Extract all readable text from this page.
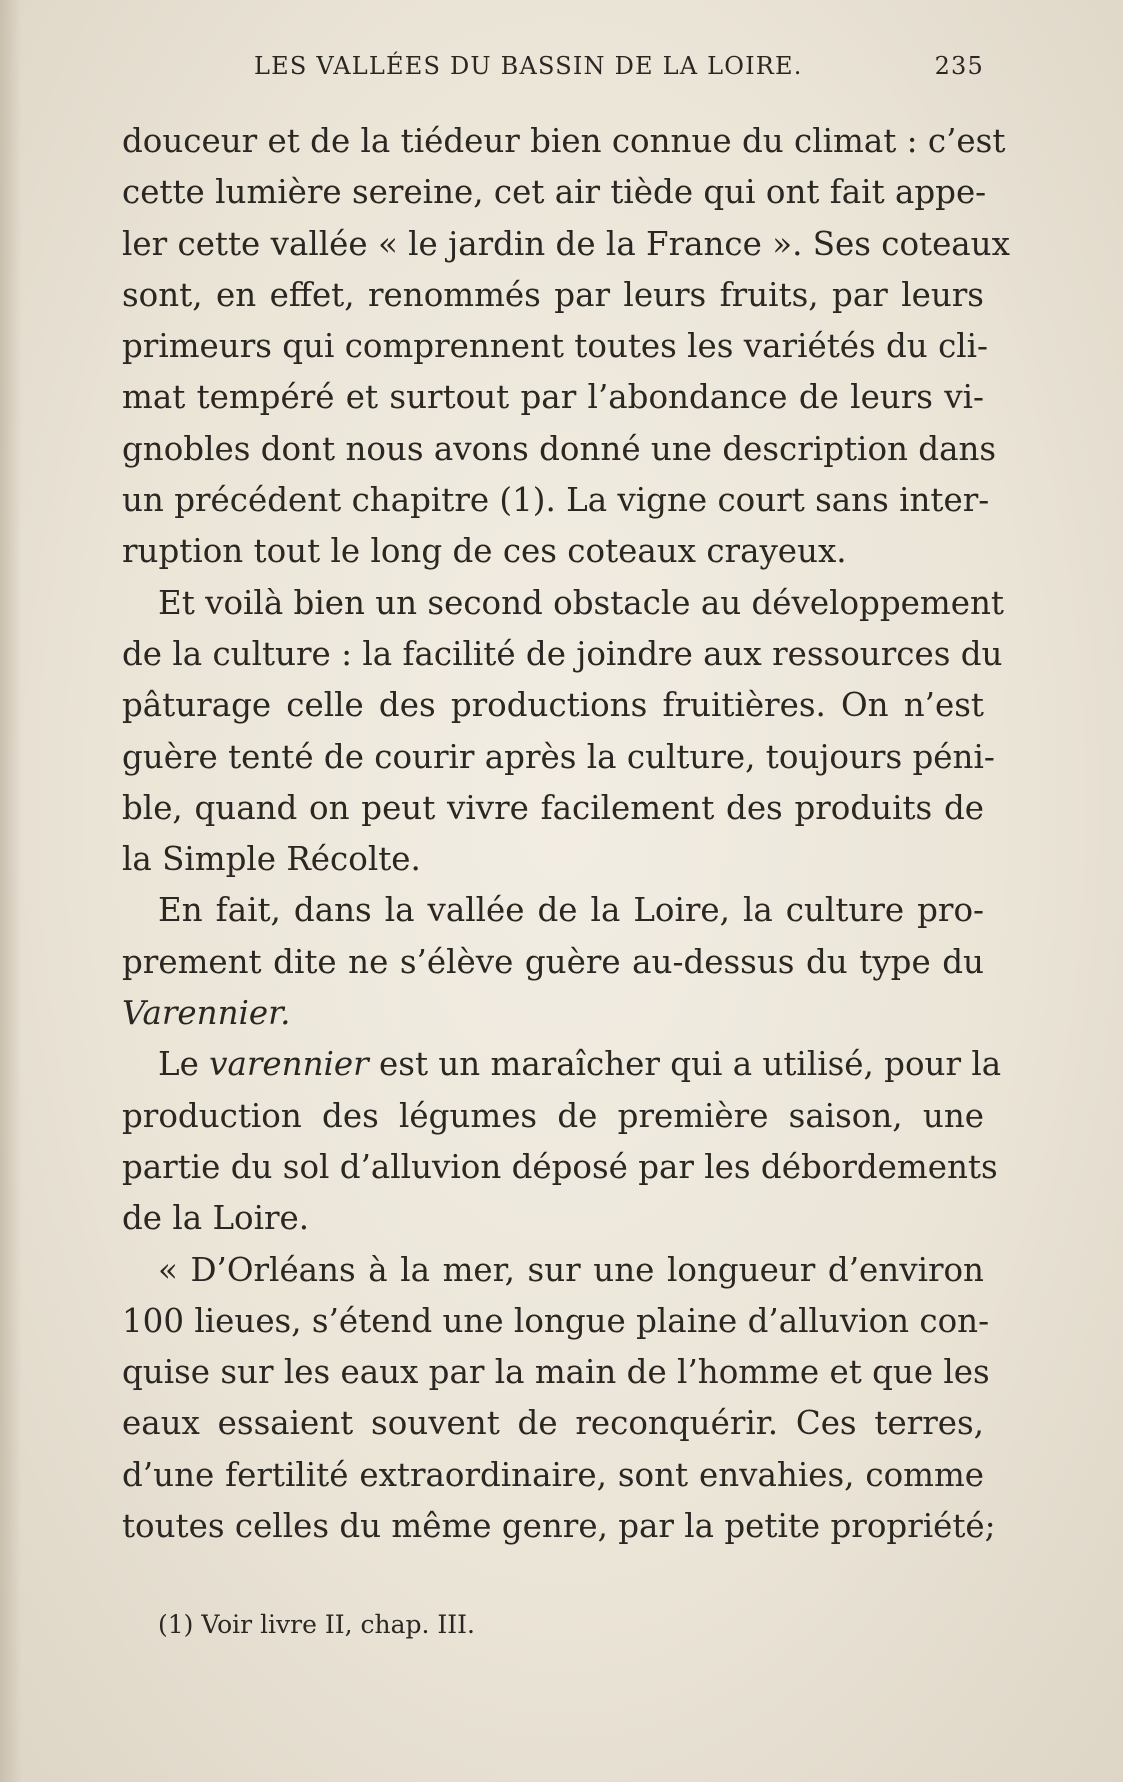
LES VALLÉES DU BASSIN DE LA LOIRE.	235
douceur et de la tiédeur bien connue du climat : c’est
cette lumière sereine, cet air tiède qui ont fait appe-
ler cette vallée « le jardin de la France ». Ses coteaux
sont, en effet, renommés par leurs fruits, par leurs
primeurs qui comprennent toutes les variétés du cli-
mat tempéré et surtout par l’abondance de leurs vi-
gnobles dont nous avons donné une description dans
un précédent chapitre (1). La vigne court sans inter-
ruption tout le long de ces coteaux crayeux.
Et voilà bien un second obstacle au développement
de la culture : la facilité de joindre aux ressources du
pâturage celle des productions fruitières. On n’est
guère tenté de courir après la culture, toujours péni-
ble, quand on peut vivre facilement des produits de
la Simple Récolte.
En fait, dans la vallée de la Loire, la culture pro-
prement dite ne s’élève guère au-dessus du type du
Varennier.
Le varennier est un maraîcher qui a utilisé, pour la
production des légumes de première saison, une
partie du sol d’alluvion déposé par les débordements
de la Loire.
« D’Orléans à la mer, sur une longueur d’environ
100 lieues, s’étend une longue plaine d’alluvion con-
quise sur les eaux par la main de l’homme et que les
eaux essaient souvent de reconquérir. Ces terres,
d’une fertilité extraordinaire, sont envahies, comme
toutes celles du même genre, par la petite propriété;
(1) Voir livre II, chap. III.
